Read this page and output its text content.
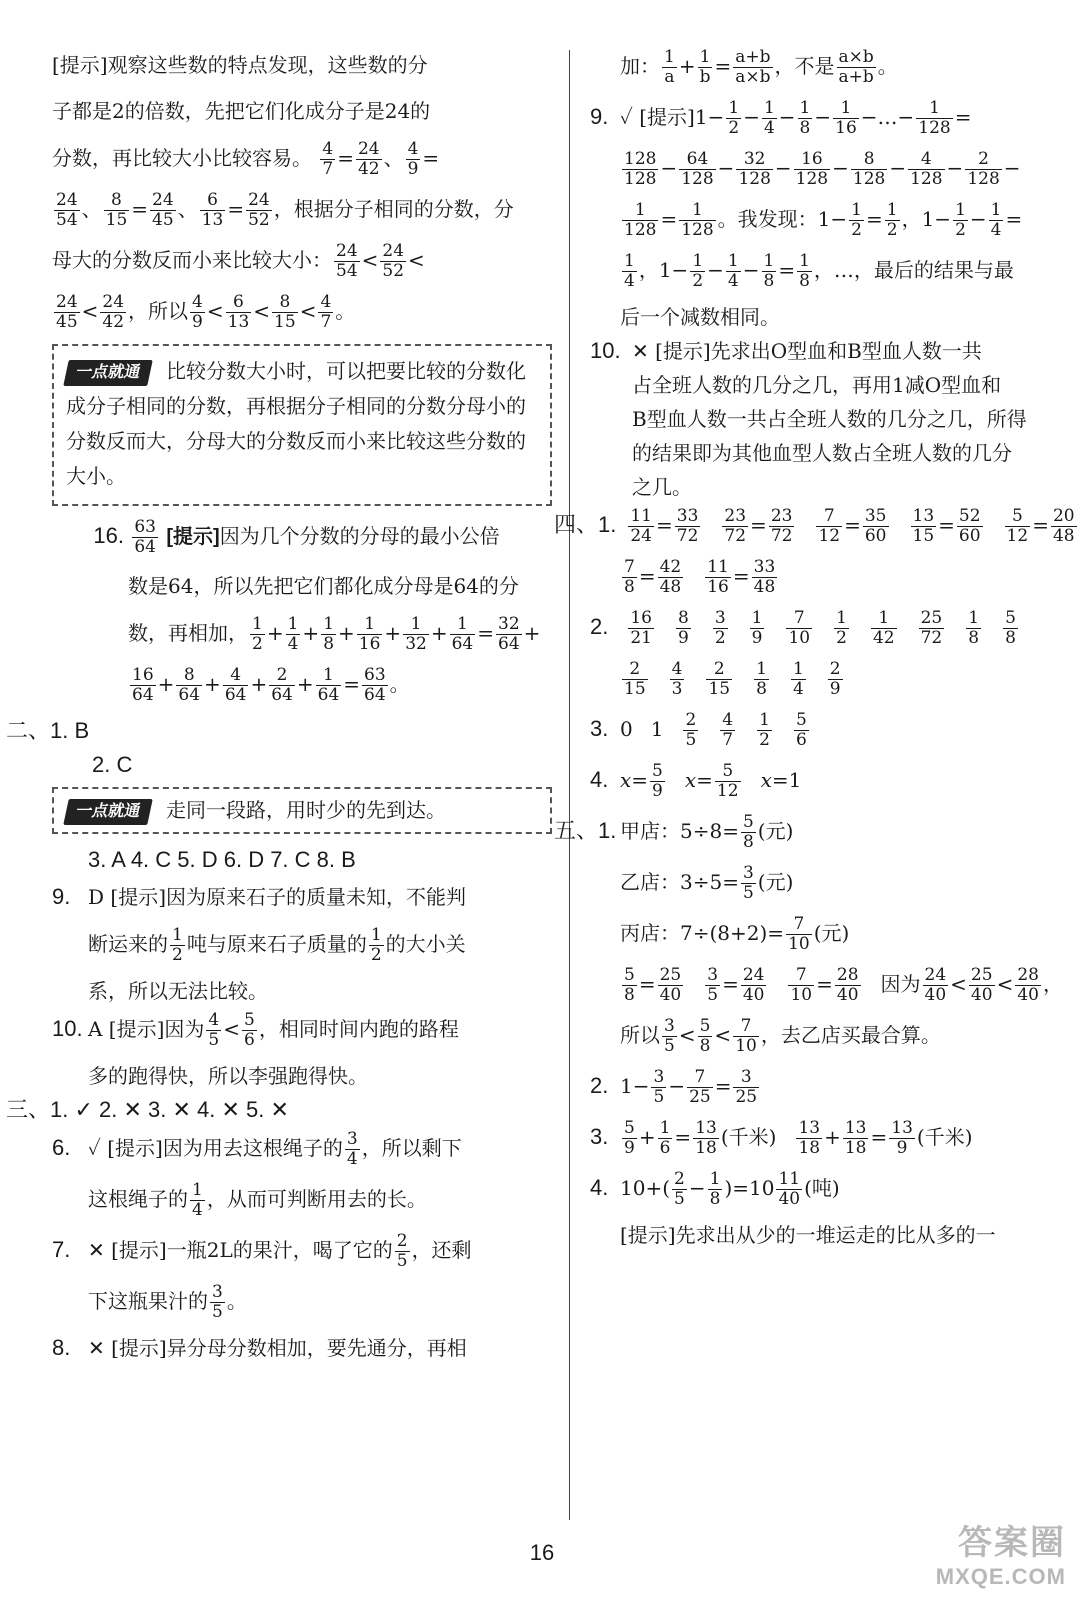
[提示]观察这些数的特点发现，这些数的分
子都是2的倍数，先把它们化成分子是24的
分数，再比较大小比较容易。 $\frac{4}{7} = \frac{24}{42}$ 、 $\frac{4}{9}$ =
$\frac{24}{54}$ 、 $\frac{8}{15} = \frac{24}{45}$ 、 $\frac{6}{13} = \frac{24}{52}$ ，根据分子相同的分数，分
母大的分数反而小来比较大小： $\frac{24}{54} < \frac{24}{52}$ <
$\frac{24}{45} < \frac{24}{42}$ ，所以 $\frac{4}{9} < \frac{6}{13} < \frac{8}{15} < \frac{4}{7}$ 。
一点就通 比较分数大小时，可以把要比较的分数化成分子相同的分数，再根据分子相同的分数分母小的分数反而大，分母大的分数反而小来比较这些分数的大小。
16. $\frac{63}{64}$ [提示]因为几个分数的分母的最小公倍
数是64，所以先把它们都化成分母是64的分
数，再相加， $\frac{1}{2} + \frac{1}{4} + \frac{1}{8} + \frac{1}{16} + \frac{1}{32} + \frac{1}{64} = \frac{32}{64}$ +
$\frac{16}{64} + \frac{8}{64} + \frac{4}{64} + \frac{2}{64} + \frac{1}{64} = \frac{63}{64}$ 。
二、1. B
2. C
一点就通 走同一段路，用时少的先到达。
3. A 4. C 5. D 6. D 7. C 8. B
9. D [提示]因为原来石子的质量未知，不能判
断运来的 $\frac{1}{2}$ 吨与原来石子质量的 $\frac{1}{2}$ 的大小关
系，所以无法比较。
10. A [提示]因为 $\frac{4}{5} < \frac{5}{6}$ ，相同时间内跑的路程
多的跑得快，所以李强跑得快。
三、1. ✓ 2. ✕ 3. ✕ 4. ✕ 5. ✕
6. ✓ [提示]因为用去这根绳子的 $\frac{3}{4}$ ，所以剩下
这根绳子的 $\frac{1}{4}$ ，从而可判断用去的长。
7. ✕ [提示]一瓶2L的果汁，喝了它的 $\frac{2}{5}$ ，还剩
下这瓶果汁的 $\frac{3}{5}$ 。
8. ✕ [提示]异分母分数相加，要先通分，再相
加： $\frac{1}{a} + \frac{1}{b} = \frac{a+b}{a\times b}$ ，不是 $\frac{a\times b}{a+b}$ 。
9. ✓ [提示]$1- \frac{1}{2} - \frac{1}{4} - \frac{1}{8} - \frac{1}{16}$ −…− $\frac{1}{128}$ =
$\frac{128}{128} - \frac{64}{128} - \frac{32}{128} - \frac{16}{128} - \frac{8}{128} - \frac{4}{128} - \frac{2}{128}$ −
$\frac{1}{128} = \frac{1}{128}$ 。我发现：$1- \frac{1}{2} = \frac{1}{2}$ ，$1- \frac{1}{2} - \frac{1}{4}$ =
$\frac{1}{4}$ ，$1- \frac{1}{2} - \frac{1}{4} - \frac{1}{8} = \frac{1}{8}$ ，…，最后的结果与最
后一个减数相同。
10. ✕ [提示]先求出O型血和B型血人数一共
占全班人数的几分之几，再用1减O型血和
B型血人数一共占全班人数的几分之几，所得
的结果即为其他血型人数占全班人数的几分
之几。
四、1. $\frac{11}{24} = \frac{33}{72} \frac{23}{72} = \frac{23}{72} \frac{7}{12} = \frac{35}{60} \frac{13}{15} = \frac{52}{60} \frac{5}{12} = \frac{20}{48}$
$\frac{7}{8} = \frac{42}{48} \frac{11}{16} = \frac{33}{48}$
2. $\frac{16}{21} \frac{8}{9} \frac{3}{2} \frac{1}{9} \frac{7}{10} \frac{1}{2} \frac{1}{42} \frac{25}{72} \frac{1}{8} \frac{5}{8}$
$\frac{2}{15} \frac{4}{3} \frac{2}{15} \frac{1}{8} \frac{1}{4} \frac{2}{9}$
3. 0 $1 \frac{2}{5} \frac{4}{7} \frac{1}{2} \frac{5}{6}$
4. $x= \frac{5}{9} x= \frac{5}{12} x=1$
五、1. 甲店：$5\div 8= \frac{5}{8}$ (元)
乙店：$3\div 5= \frac{3}{5}$ (元)
丙店：$7\div(8+2)= \frac{7}{10}$ (元)
$\frac{5}{8} = \frac{25}{40} \frac{3}{5} = \frac{24}{40} \frac{7}{10} = \frac{28}{40}$ 因为 $\frac{24}{40} < \frac{25}{40} < \frac{28}{40}$ ，
所以 $\frac{3}{5} < \frac{5}{8} < \frac{7}{10}$ ，去乙店买最合算。
2. $1- \frac{3}{5} - \frac{7}{25} = \frac{3}{25}$
3. $\frac{5}{9} + \frac{1}{6} = \frac{13}{18}$ (千米) $\frac{13}{18} + \frac{13}{18} = \frac{13}{9}$ (千米)
4. $10+( \frac{2}{5} - \frac{1}{8} )=10 \frac{11}{40}$ (吨)
[提示]先求出从少的一堆运走的比从多的一
16	答案圈
MXQE.COM
